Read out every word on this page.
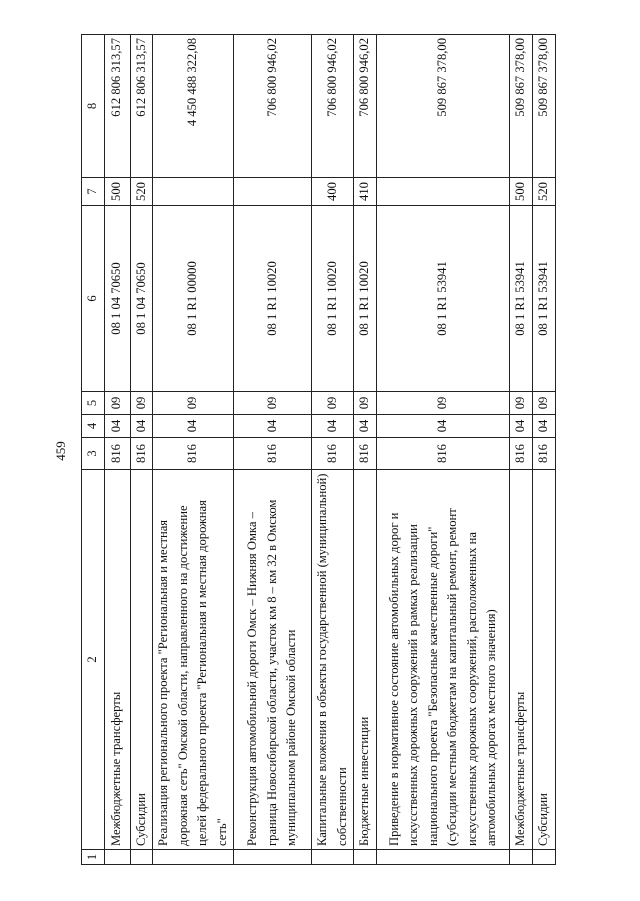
459
1	2	3	4	5	6	7	8
	Межбюджетные трансферты	816	04	09	08 1 04 70650	500	612 806 313,57
	Субсидии	816	04	09	08 1 04 70650	520	612 806 313,57
	Реализация регионального проекта "Региональная и местная дорожная сеть" Омской области, направленного на достижение целей федерального проекта "Региональная и местная дорожная сеть"	816	04	09	08 1 R1 00000		4 450 488 322,08
	Реконструкция автомобильной дороги Омск – Нижняя Омка – граница Новосибирской области, участок км 8 – км 32 в Омском муниципальном районе Омской области	816	04	09	08 1 R1 10020		706 800 946,02
	Капитальные вложения в объекты государственной (муниципальной) собственности	816	04	09	08 1 R1 10020	400	706 800 946,02
	Бюджетные инвестиции	816	04	09	08 1 R1 10020	410	706 800 946,02
	Приведение в нормативное состояние автомобильных дорог и искусственных дорожных сооружений в рамках реализации национального проекта "Безопасные качественные дороги" (субсидии местным бюджетам на капитальный ремонт, ремонт искусственных дорожных сооружений, расположенных на автомобильных дорогах местного значения)	816	04	09	08 1 R1 53941		509 867 378,00
	Межбюджетные трансферты	816	04	09	08 1 R1 53941	500	509 867 378,00
	Субсидии	816	04	09	08 1 R1 53941	520	509 867 378,00
